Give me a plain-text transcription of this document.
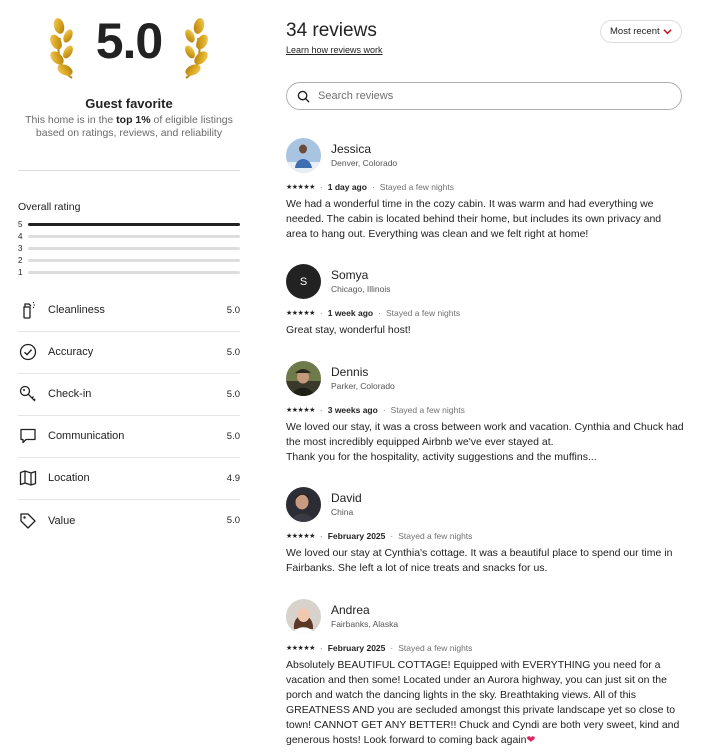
5.0
Guest favorite
This home is in the top 1% of eligible listings based on ratings, reviews, and reliability
Overall rating
5
4
3
2
1
Cleanliness	5.0
Accuracy	5.0
Check-in	5.0
Communication	5.0
Location	4.9
Value	5.0
34 reviews
Learn how reviews work
Most recent
Search reviews
Jessica
Denver, Colorado
★★★★★ · 1 day ago · Stayed a few nights
We had a wonderful time in the cozy cabin. It was warm and had everything we needed. The cabin is located behind their home, but includes its own privacy and area to hang out. Everything was clean and we felt right at home!
S Somya
Chicago, Illinois
★★★★★ · 1 week ago · Stayed a few nights
Great stay, wonderful host!
Dennis
Parker, Colorado
★★★★★ · 3 weeks ago · Stayed a few nights
We loved our stay, it was a cross between work and vacation. Cynthia and Chuck had the most incredibly equipped Airbnb we've ever stayed at.
Thank you for the hospitality, activity suggestions and the muffins...
David
China
★★★★★ · February 2025 · Stayed a few nights
We loved our stay at Cynthia's cottage. It was a beautiful place to spend our time in Fairbanks. She left a lot of nice treats and snacks for us.
Andrea
Fairbanks, Alaska
★★★★★ · February 2025 · Stayed a few nights
Absolutely BEAUTIFUL COTTAGE! Equipped with EVERYTHING you need for a vacation and then some! Located under an Aurora highway, you can just sit on the porch and watch the dancing lights in the sky. Breathtaking views. All of this GREATNESS AND you are secluded amongst this private landscape yet so close to town! CANNOT GET ANY BETTER!! Chuck and Cyndi are both very sweet, kind and generous hosts! Look forward to coming back again❤
